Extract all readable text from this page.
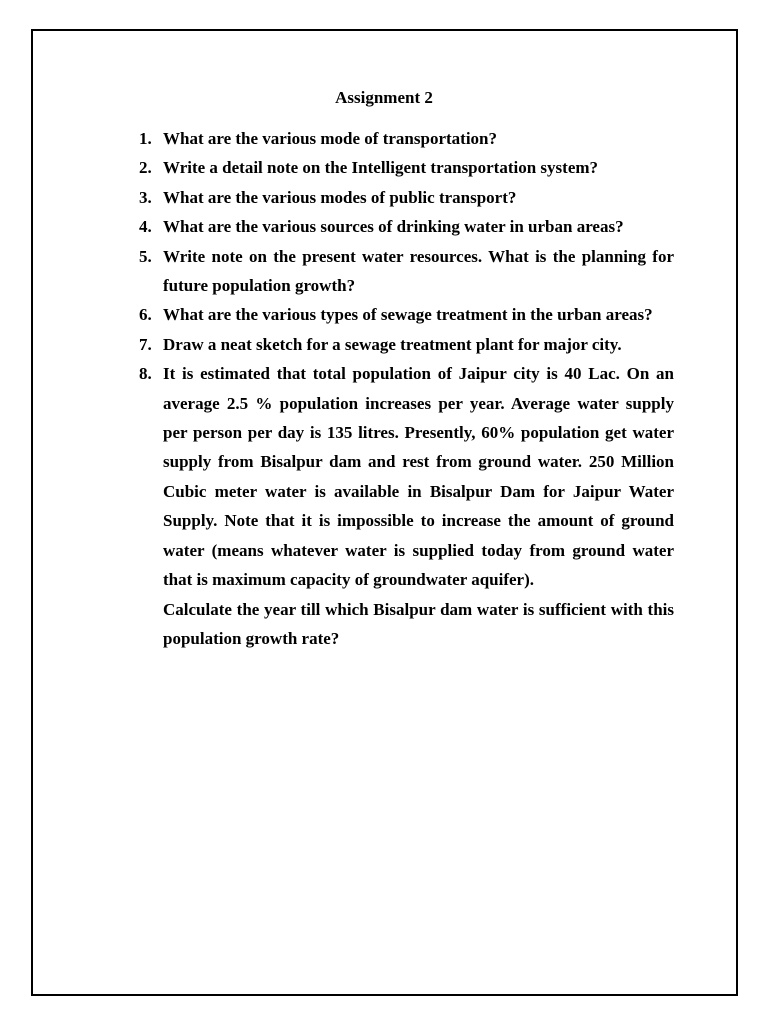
Assignment 2
1. What are the various mode of transportation?
2. Write a detail note on the Intelligent transportation system?
3. What are the various modes of public transport?
4. What are the various sources of drinking water in urban areas?
5. Write note on the present water resources. What is the planning for future population growth?
6. What are the various types of sewage treatment in the urban areas?
7. Draw a neat sketch for a sewage treatment plant for major city.
8. It is estimated that total population of Jaipur city is 40 Lac. On an average 2.5 % population increases per year. Average water supply per person per day is 135 litres. Presently, 60% population get water supply from Bisalpur dam and rest from ground water. 250 Million Cubic meter water is available in Bisalpur Dam for Jaipur Water Supply. Note that it is impossible to increase the amount of ground water (means whatever water is supplied today from ground water that is maximum capacity of groundwater aquifer).
Calculate the year till which Bisalpur dam water is sufficient with this population growth rate?
